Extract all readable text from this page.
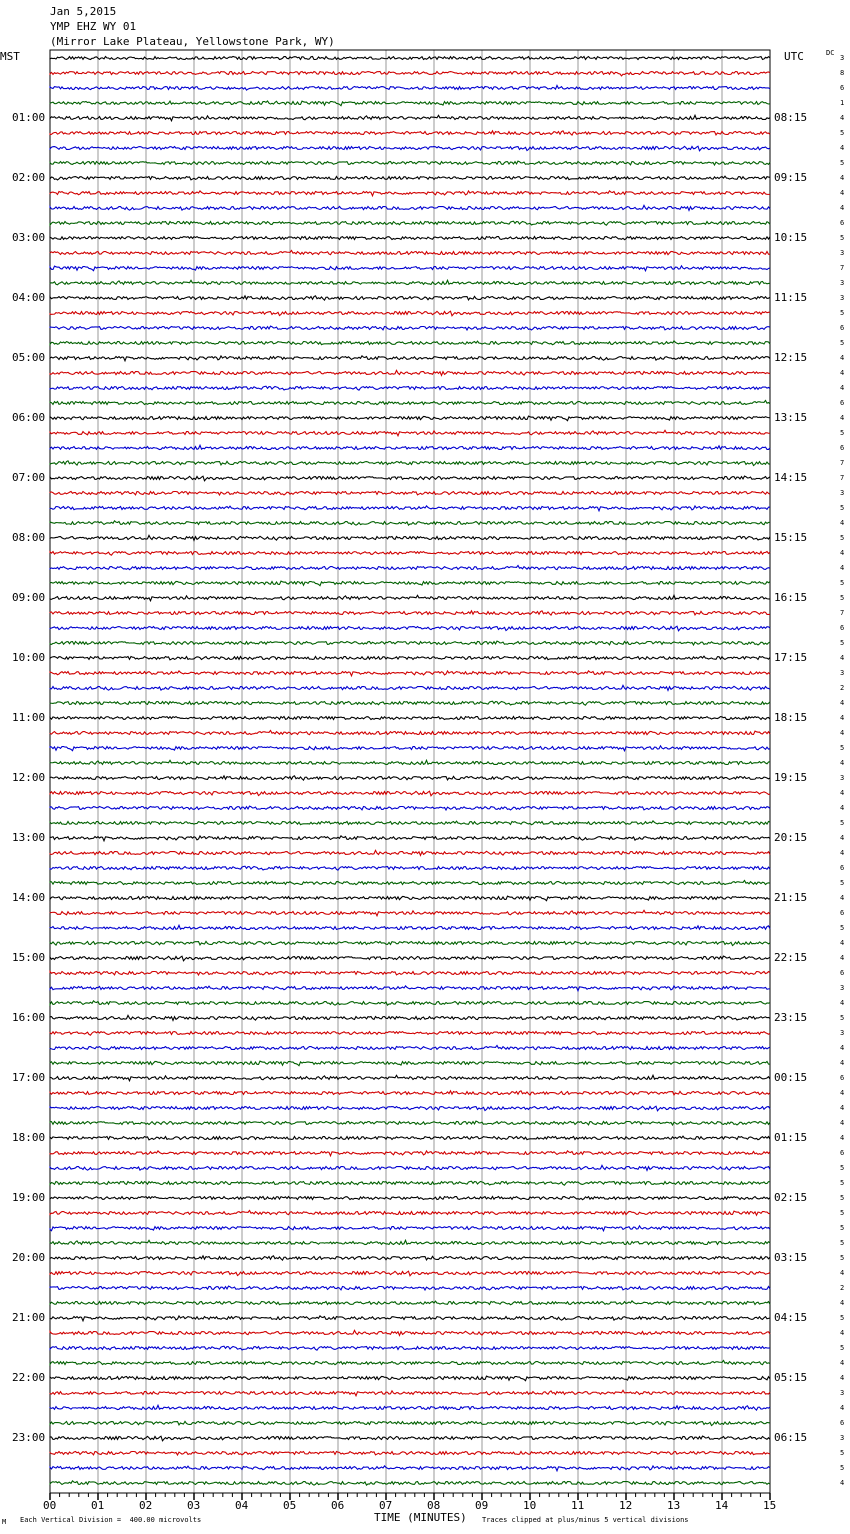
Jan 5,2015
YMP EHZ WY 01
(Mirror Lake Plateau, Yellowstone Park, WY)
MST	UTC	DC
01:00
02:00
03:00
04:00
05:00
06:00
07:00
08:00
09:00
10:00
11:00
12:00
13:00
14:00
15:00
16:00
17:00
18:00
19:00
20:00
21:00
22:00
23:00
08:15
09:15
10:15
11:15
12:15
13:15
14:15
15:15
16:15
17:15
18:15
19:15
20:15
21:15
22:15
23:15
00:15
01:15
02:15
03:15
04:15
05:15
06:15
3
8
6
1
4
5
4
5
4
4
4
6
5
3
7
3
3
5
6
5
4
4
4
6
4
5
6
7
7
3
5
4
5
4
4
5
5
7
6
5
4
3
2
4
4
4
5
4
3
4
4
5
4
4
6
5
4
6
5
4
4
6
3
4
5
3
4
4
6
4
4
4
4
6
5
5
5
5
5
5
5
4
2
4
5
4
5
4
4
3
4
6
3
5
5
4
00	01	02	03	04	05	06	07	08	09	10	11	12	13	14	15
TIME (MINUTES)
M Each Vertical Division =  400.00 microvolts	Traces clipped at plus/minus 5 vertical divisions
